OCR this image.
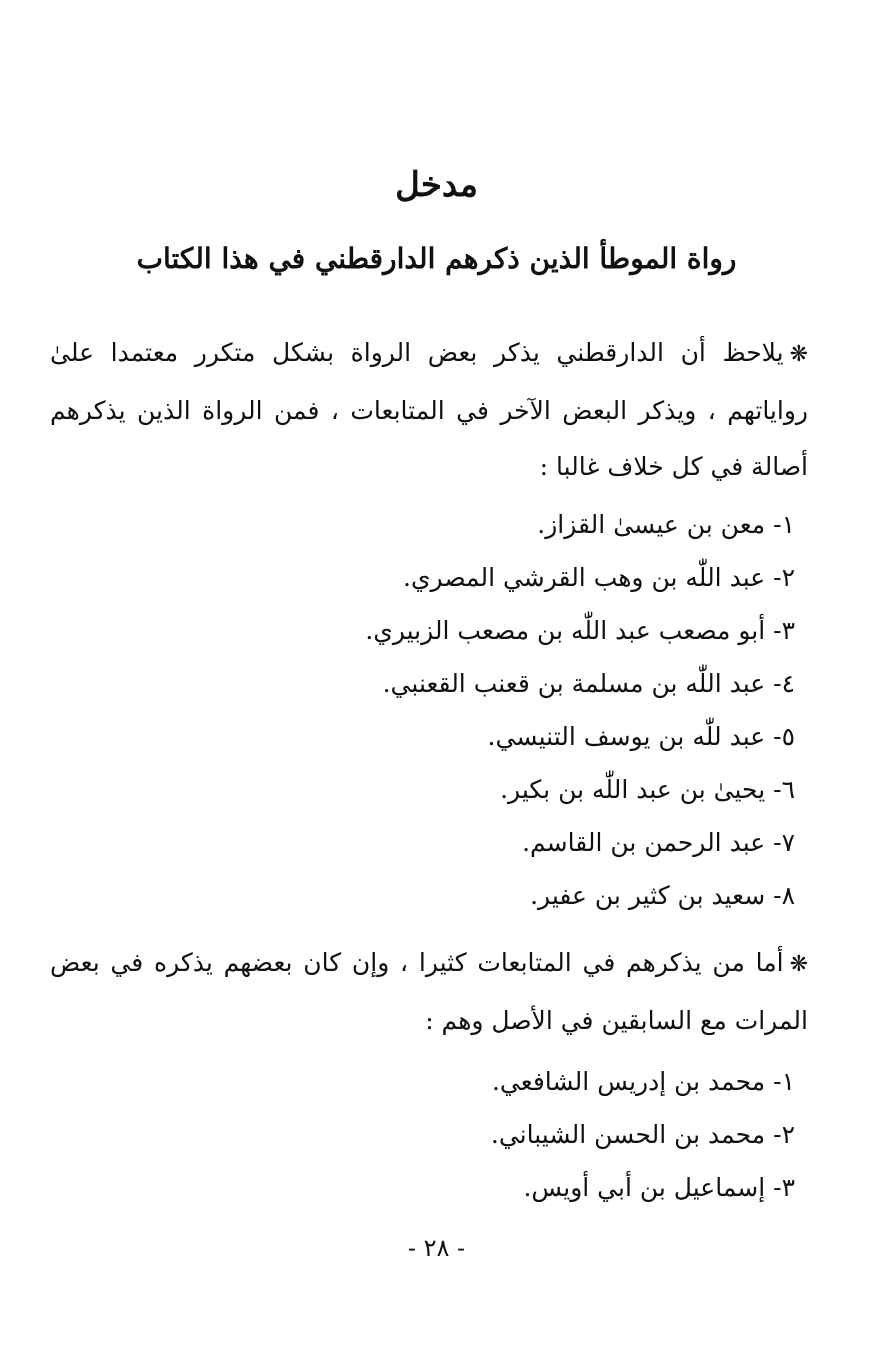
مدخل
رواة الموطأ الذين ذكرهم الدارقطني في هذا الكتاب

❋يلاحظ أن الدارقطني يذكر بعض الرواة بشكل متكرر معتمدا علىٰ رواياتهم ، ويذكر البعض الآخر في المتابعات ، فمن الرواة الذين يذكرهم أصالة في كل خلاف غالبا :

١- معن بن عيسىٰ القزاز.
٢- عبد اللّٰه بن وهب القرشي المصري.
٣- أبو مصعب عبد اللّٰه بن مصعب الزبيري.
٤- عبد اللّٰه بن مسلمة بن قعنب القعنبي.
٥- عبد للّٰه بن يوسف التنيسي.
٦- يحيىٰ بن عبد اللّٰه بن بكير.
٧- عبد الرحمن بن القاسم.
٨- سعيد بن كثير بن عفير.

❋أما من يذكرهم في المتابعات كثيرا ، وإن كان بعضهم يذكره في بعض المرات مع السابقين في الأصل وهم :

١- محمد بن إدريس الشافعي.
٢- محمد بن الحسن الشيباني.
٣- إسماعيل بن أبي أويس.
- ٢٨ -
